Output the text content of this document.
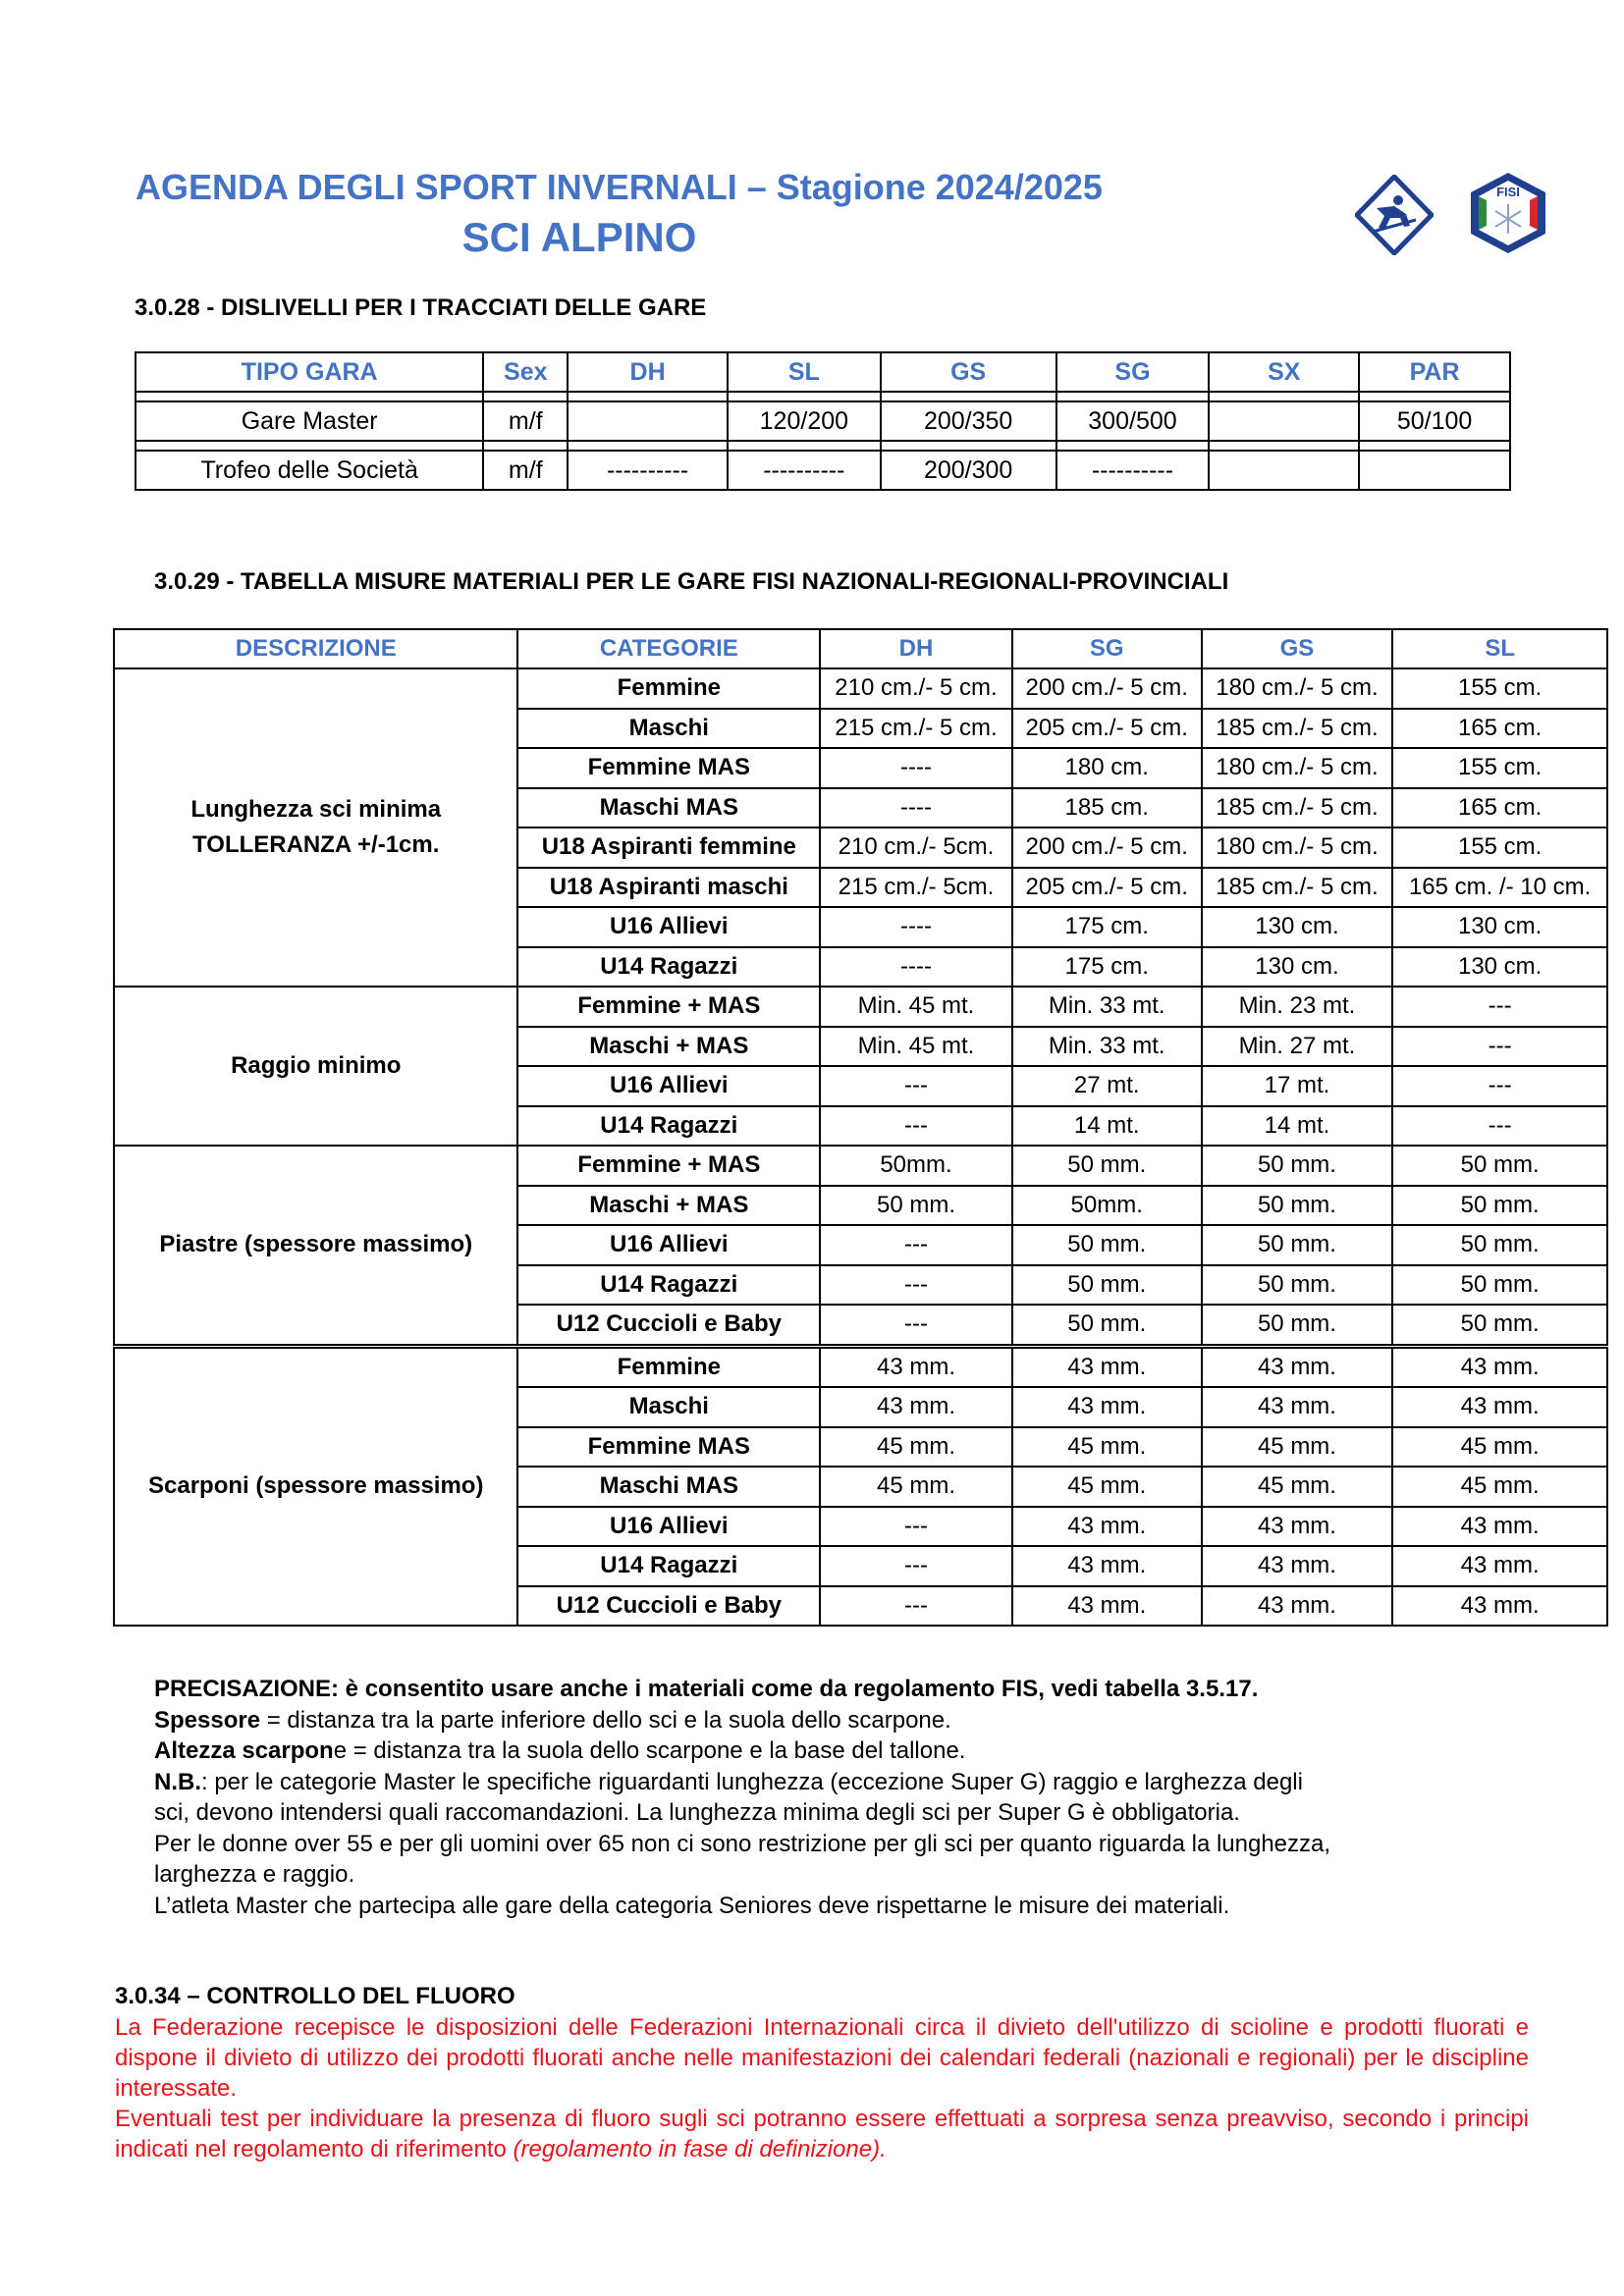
AGENDA DEGLI SPORT INVERNALI – Stagione 2024/2025
SCI ALPINO
FISI
3.0.28 - DISLIVELLI PER I TRACCIATI DELLE GARE
TIPO GARA	Sex	DH	SL	GS	SG	SX	PAR

Gare Master	m/f		120/200	200/350	300/500		50/100

Trofeo delle Società	m/f	----------	----------	200/300	----------		
3.0.29 - TABELLA MISURE MATERIALI PER LE GARE FISI NAZIONALI-REGIONALI-PROVINCIALI
DESCRIZIONE	CATEGORIE	DH	SG	GS	SL

Lunghezza sci minima
TOLLERANZA +/-1cm.	Femmine	210 cm./- 5 cm.	200 cm./- 5 cm.	180 cm./- 5 cm.	155 cm.
	Maschi	215 cm./- 5 cm.	205 cm./- 5 cm.	185 cm./- 5 cm.	165 cm.
	Femmine MAS	----	180 cm.	180 cm./- 5 cm.	155 cm.
	Maschi MAS	----	185 cm.	185 cm./- 5 cm.	165 cm.
	U18 Aspiranti femmine	210 cm./- 5cm.	200 cm./- 5 cm.	180 cm./- 5 cm.	155 cm.
	U18 Aspiranti maschi	215 cm./- 5cm.	205 cm./- 5 cm.	185 cm./- 5 cm.	165 cm. /- 10 cm.
	U16 Allievi	----	175 cm.	130 cm.	130 cm.
	U14 Ragazzi	----	175 cm.	130 cm.	130 cm.

Raggio minimo	Femmine + MAS	Min. 45 mt.	Min. 33 mt.	Min. 23 mt.	---
	Maschi + MAS	Min. 45 mt.	Min. 33 mt.	Min. 27 mt.	---
	U16 Allievi	---	27 mt.	17 mt.	---
	U14 Ragazzi	---	14 mt.	14 mt.	---

Piastre (spessore massimo)	Femmine + MAS	50mm.	50 mm.	50 mm.	50 mm.
	Maschi + MAS	50 mm.	50mm.	50 mm.	50 mm.
	U16 Allievi	---	50 mm.	50 mm.	50 mm.
	U14 Ragazzi	---	50 mm.	50 mm.	50 mm.
	U12 Cuccioli e Baby	---	50 mm.	50 mm.	50 mm.

Scarponi (spessore massimo)	Femmine	43 mm.	43 mm.	43 mm.	43 mm.
	Maschi	43 mm.	43 mm.	43 mm.	43 mm.
	Femmine MAS	45 mm.	45 mm.	45 mm.	45 mm.
	Maschi MAS	45 mm.	45 mm.	45 mm.	45 mm.
	U16 Allievi	---	43 mm.	43 mm.	43 mm.
	U14 Ragazzi	---	43 mm.	43 mm.	43 mm.
	U12 Cuccioli e Baby	---	43 mm.	43 mm.	43 mm.

PRECISAZIONE: è consentito usare anche i materiali come da regolamento FIS, vedi tabella 3.5.17.

Spessore = distanza tra la parte inferiore dello sci e la suola dello scarpone.

Altezza scarpone = distanza tra la suola dello scarpone e la base del tallone.

N.B.: per le categorie Master le specifiche riguardanti lunghezza (eccezione Super G) raggio e larghezza degli

sci, devono intendersi quali raccomandazioni. La lunghezza minima degli sci per Super G è obbligatoria.

Per le donne over 55 e per gli uomini over 65 non ci sono restrizione per gli sci per quanto riguarda la lunghezza,

larghezza e raggio.

L’atleta Master che partecipa alle gare della categoria Seniores deve rispettarne le misure dei materiali.

3.0.34 – CONTROLLO DEL FLUORO

La Federazione recepisce le disposizioni delle Federazioni Internazionali circa il divieto dell'utilizzo di scioline e prodotti fluorati e dispone il divieto di utilizzo dei prodotti fluorati anche nelle manifestazioni dei calendari federali (nazionali e regionali) per le discipline interessate.

Eventuali test per individuare la presenza di fluoro sugli sci potranno essere effettuati a sorpresa senza preavviso, secondo i principi indicati nel regolamento di riferimento (regolamento in fase di definizione).
